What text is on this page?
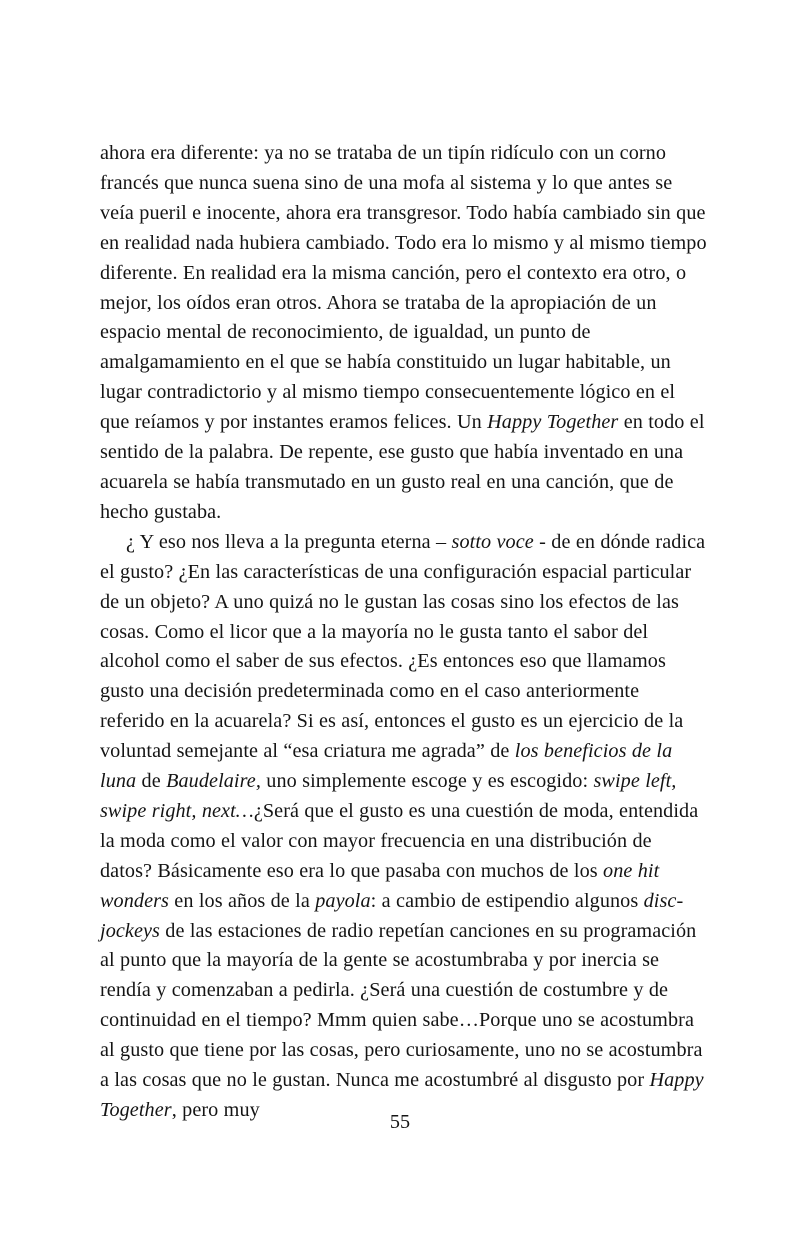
ahora era diferente: ya no se trataba de un tipín ridículo con un corno francés que nunca suena sino de una mofa al sistema y lo que antes se veía pueril e inocente, ahora era transgresor. Todo había cambiado sin que en realidad nada hubiera cambiado. Todo era lo mismo y al mismo tiempo diferente. En realidad era la misma canción, pero el contexto era otro, o mejor, los oídos eran otros. Ahora se trataba de la apropiación de un espacio mental de reconocimiento, de igualdad, un punto de amalgamamiento en el que se había constituido un lugar habitable, un lugar contradictorio y al mismo tiempo consecuentemente lógico en el que reíamos y por instantes eramos felices. Un Happy Together en todo el sentido de la palabra. De repente, ese gusto que había inventado en una acuarela se había transmutado en un gusto real en una canción, que de hecho gustaba.

¿ Y eso nos lleva a la pregunta eterna – sotto voce - de en dónde radica el gusto? ¿En las características de una configuración espacial particular de un objeto? A uno quizá no le gustan las cosas sino los efectos de las cosas. Como el licor que a la mayoría no le gusta tanto el sabor del alcohol como el saber de sus efectos. ¿Es entonces eso que llamamos gusto una decisión predeterminada como en el caso anteriormente referido en la acuarela? Si es así, entonces el gusto es un ejercicio de la voluntad semejante al “esa criatura me agrada” de los beneficios de la luna de Baudelaire, uno simplemente escoge y es escogido: swipe left, swipe right, next…¿Será que el gusto es una cuestión de moda, entendida la moda como el valor con mayor frecuencia en una distribución de datos? Básicamente eso era lo que pasaba con muchos de los one hit wonders en los años de la payola: a cambio de estipendio algunos disc-jockeys de las estaciones de radio repetían canciones en su programación al punto que la mayoría de la gente se acostumbraba y por inercia se rendía y comenzaban a pedirla. ¿Será una cuestión de costumbre y de continuidad en el tiempo? Mmm quien sabe…Porque uno se acostumbra al gusto que tiene por las cosas, pero curiosamente, uno no se acostumbra a las cosas que no le gustan. Nunca me acostumbré al disgusto por Happy Together, pero muy

55
